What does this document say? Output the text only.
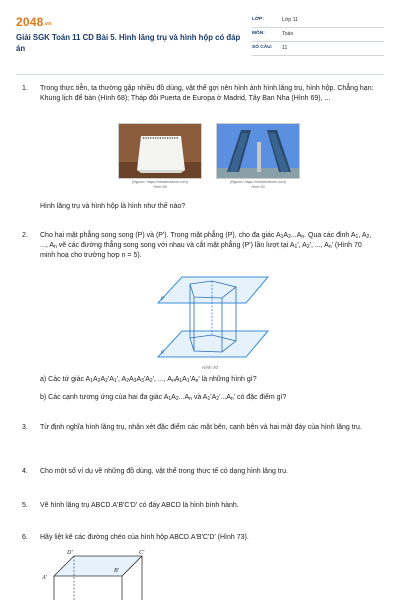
2048.vn
Giải SGK Toán 11 CD Bài 5. Hình lăng trụ và hình hộp có đáp án
LỚP:	Lớp 11
MÔN:	Toán
SỐ CÂU:	11
1.	Trong thực tiễn, ta thường gặp nhiều đồ dùng, vật thể gợi nên hình ảnh hình lăng trụ, hình hộp. Chẳng hạn: Khung lịch để bàn (Hình 68); Tháp đôi Puerta de Europa ở Madrid, Tây Ban Nha (Hình 69), ...
(Nguồn: https://shutterstock.com)
Hình 68
(Nguồn: https://shutterstock.com)
Hình 69
Hình lăng trụ và hình hộp là hình như thế nào?
2.	Cho hai mặt phẳng song song (P) và (P'). Trong mặt phẳng (P), cho đa giác $A_1A_2...A_n$. Qua các đỉnh $A_1$, $A_2$, ..., $A_n$ vẽ các đường thẳng song song với nhau và cắt mặt phẳng (P') lần lượt tại $A_1'$, $A_2'$, ..., $A_n'$ (Hình 70 minh hoạ cho trường hợp n = 5).
P'
P
Hình 70
a) Các tứ giác $A_1A_2A_2'A_1'$, $A_2A_3A_3'A_2'$, ..., $A_nA_1A_1'A_n'$ là những hình gì?
b) Các cạnh tương ứng của hai đa giác $A_1A_2...A_n$ và $A_1'A_2'...A_n'$ có đặc điểm gì?
3.	Từ định nghĩa hình lăng trụ, nhận xét đặc điểm các mặt bên, cạnh bên và hai mặt đáy của hình lăng trụ.
4.	Cho một số ví dụ về những đồ dùng, vật thể trong thực tế có dạng hình lăng trụ.
5.	Vẽ hình lăng trụ ABCD.A'B'C'D' có đáy ABCD là hình bình hành.
6.	Hãy liệt kê các đường chéo của hình hộp ABCD.A'B'C'D' (Hình 73).
D'	C'
B'
A'
